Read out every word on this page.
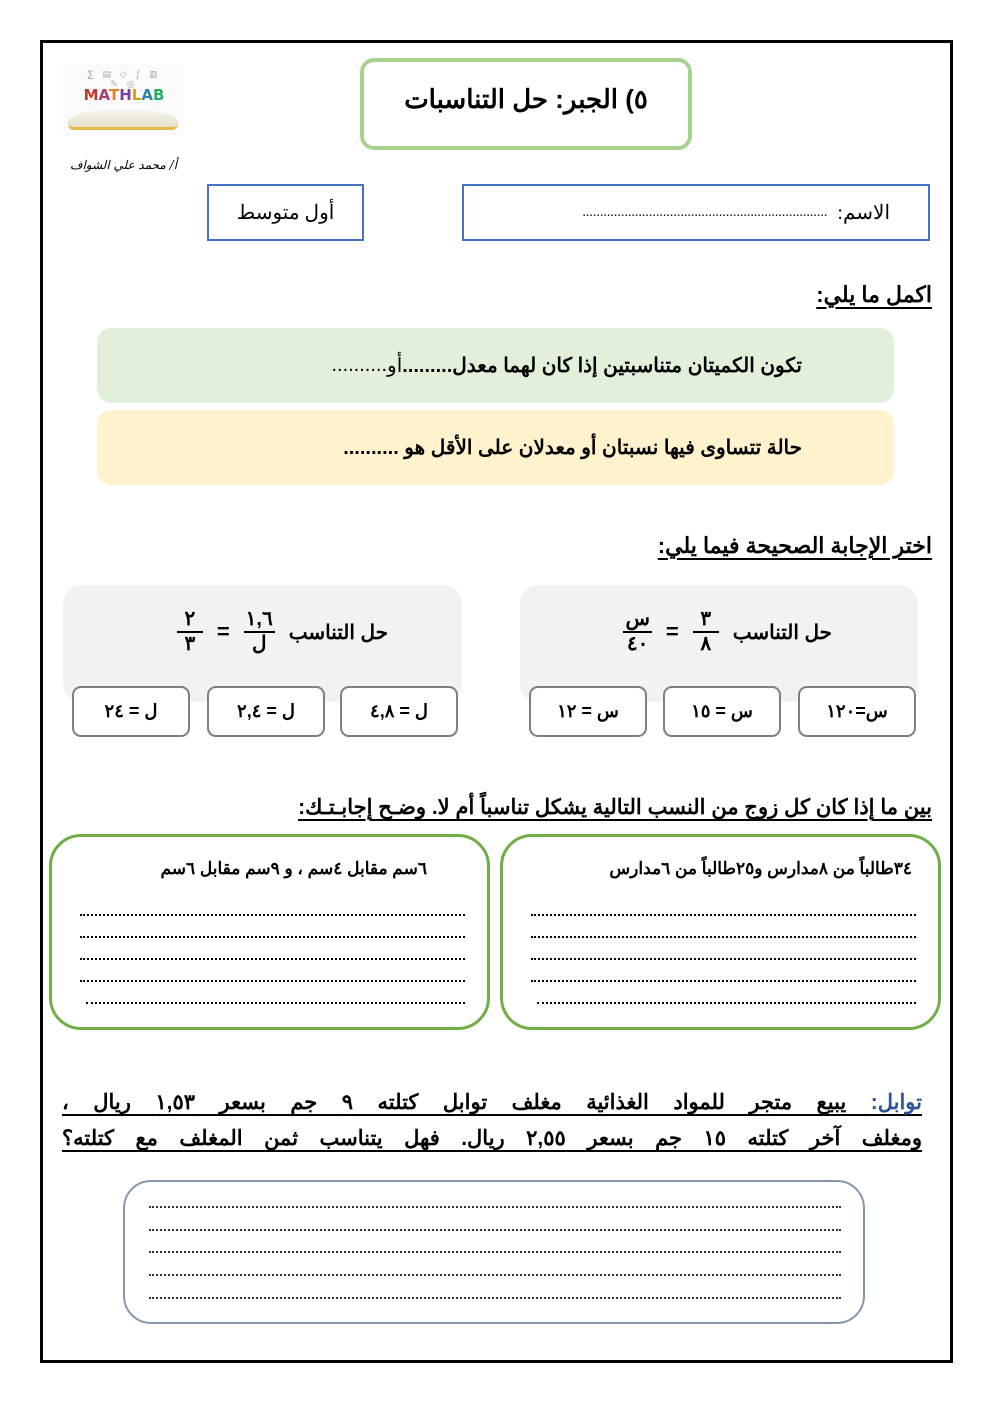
∑ ▤ ◇ ∫ ▥ ✎ ◎
MATHLAB
أ/ محمد علي الشواف
٥) الجبر: حل التناسبات
أول متوسط	الاسم:
......................................................................
اكمل ما يلي:
تكون الكميتان متناسبتين إذا كان لهما معدل.........
أو
..........
حالة تتساوى فيها نسبتان أو معدلان على الأقل هو ..........
اختر الإجابة الصحيحة فيما يلي:
حل التناسب
$\frac{٣}{٨}$
=
$\frac{\text{س}}{٤٠}$
حل التناسب
$\frac{١,٦}{\text{ل}}$
=
$\frac{٢}{٣}$
س=١٢٠
س = ١٥
س = ١٢
ل = ٤,٨
ل = ٢,٤
ل = ٢٤
بين ما إذا كان كل زوج من النسب التالية يشكل تناسباً أم لا. وضـح إجابـتـك:
٣٤طالباً من ٨مدارس و٢٥طالباً من ٦مدارس
٦سم مقابل ٤سم ، و ٩سم مقابل ٦سم
توابل: يبيع متجر للمواد الغذائية مغلف توابل كتلته ٩ جم بسعر ١,٥٣ ريال ،
ومغلف آخر كتلته ١٥ جم بسعر ٢,٥٥ ريال. فهل يتناسب ثمن المغلف مع كتلته؟
